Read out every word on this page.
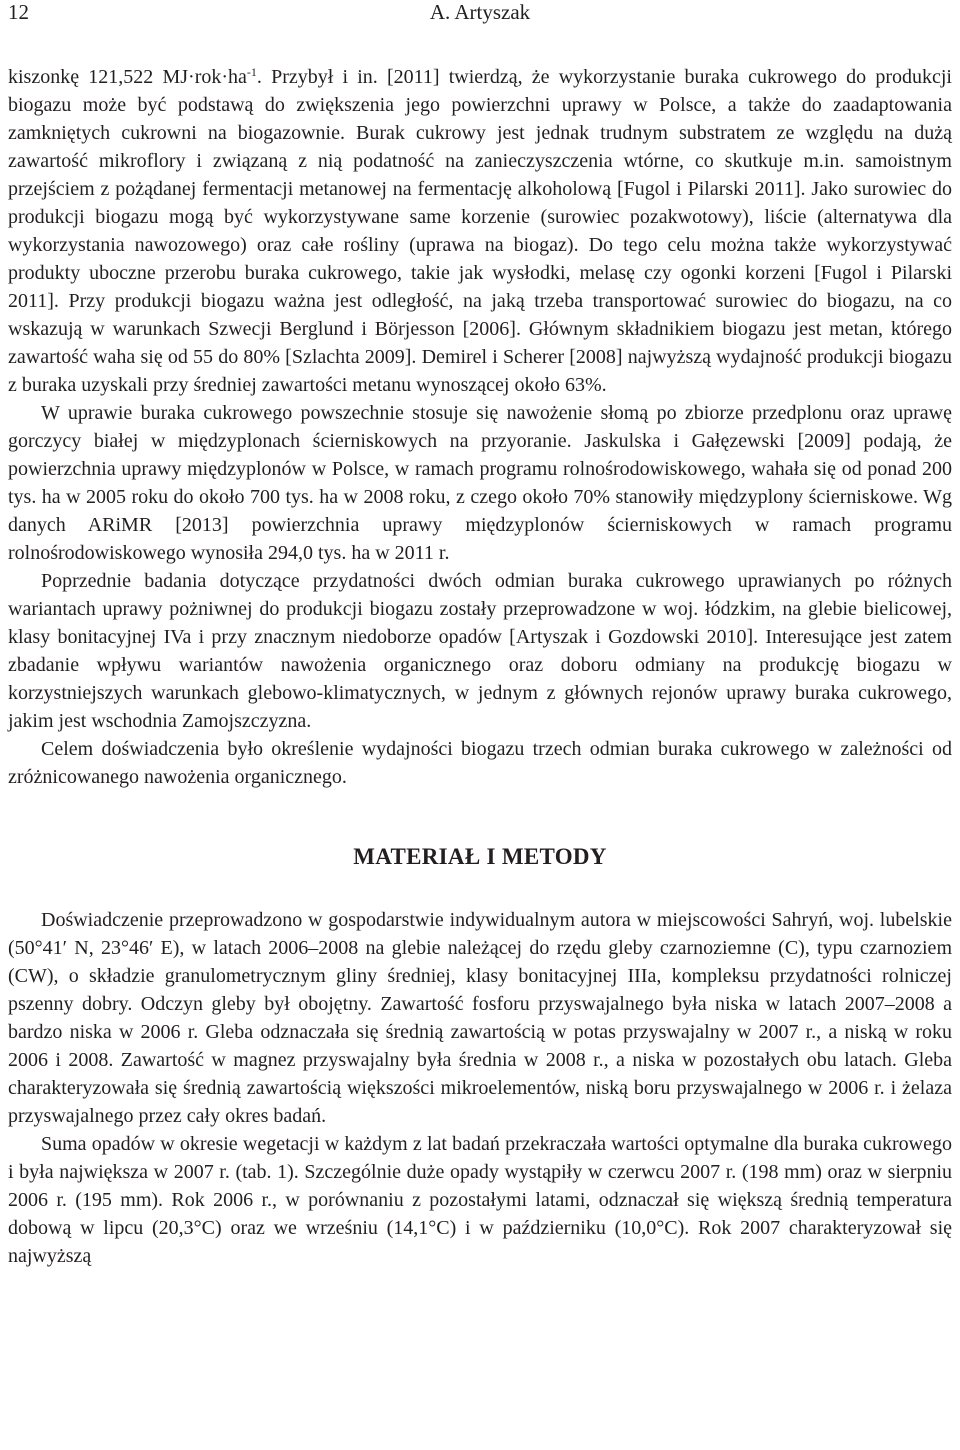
12	A. Artyszak

kiszonkę 121,522 $MJ\cdot rok\cdot ha^{-1}$. Przybył i in. [2011] twierdzą, że wykorzystanie buraka cukrowego do produkcji biogazu może być podstawą do zwiększenia jego powierzchni uprawy w Polsce, a także do zaadaptowania zamkniętych cukrowni na biogazownie. Burak cukrowy jest jednak trudnym substratem ze względu na dużą zawartość mikroflory i związaną z nią podatność na zanieczyszczenia wtórne, co skutkuje m.in. samoistnym przejściem z pożądanej fermentacji metanowej na fermentację alkoholową [Fugol i Pilarski 2011]. Jako surowiec do produkcji biogazu mogą być wykorzystywane same korzenie (surowiec pozakwotowy), liście (alternatywa dla wykorzystania nawozowego) oraz całe rośliny (uprawa na biogaz). Do tego celu można także wykorzystywać produkty uboczne przerobu buraka cukrowego, takie jak wysłodki, melasę czy ogonki korzeni [Fugol i Pilarski 2011]. Przy produkcji biogazu ważna jest odległość, na jaką trzeba transportować surowiec do biogazu, na co wskazują w warunkach Szwecji Berglund i Börjesson [2006]. Głównym składnikiem biogazu jest metan, którego zawartość waha się od 55 do 80% [Szlachta 2009]. Demirel i Scherer [2008] najwyższą wydajność produkcji biogazu z buraka uzyskali przy średniej zawartości metanu wynoszącej około 63%.

W uprawie buraka cukrowego powszechnie stosuje się nawożenie słomą po zbiorze przedplonu oraz uprawę gorczycy białej w międzyplonach ścierniskowych na przyoranie. Jaskulska i Gałęzewski [2009] podają, że powierzchnia uprawy międzyplonów w Polsce, w ramach programu rolnośrodowiskowego, wahała się od ponad 200 tys. ha w 2005 roku do około 700 tys. ha w 2008 roku, z czego około 70% stanowiły międzyplony ścierniskowe. Wg danych ARiMR [2013] powierzchnia uprawy międzyplonów ścierniskowych w ramach programu rolnośrodowiskowego wynosiła 294,0 tys. ha w 2011 r.

Poprzednie badania dotyczące przydatności dwóch odmian buraka cukrowego uprawianych po różnych wariantach uprawy pożniwnej do produkcji biogazu zostały przeprowadzone w woj. łódzkim, na glebie bielicowej, klasy bonitacyjnej IVa i przy znacznym niedoborze opadów [Artyszak i Gozdowski 2010]. Interesujące jest zatem zbadanie wpływu wariantów nawożenia organicznego oraz doboru odmiany na produkcję biogazu w korzystniejszych warunkach glebowo-klimatycznych, w jednym z głównych rejonów uprawy buraka cukrowego, jakim jest wschodnia Zamojszczyzna.

Celem doświadczenia było określenie wydajności biogazu trzech odmian buraka cukrowego w zależności od zróżnicowanego nawożenia organicznego.

MATERIAŁ I METODY

Doświadczenie przeprowadzono w gospodarstwie indywidualnym autora w miejscowości Sahryń, woj. lubelskie (50°41′ N, 23°46′ E), w latach 2006–2008 na glebie należącej do rzędu gleby czarnoziemne (C), typu czarnoziem (CW), o składzie granulometrycznym gliny średniej, klasy bonitacyjnej IIIa, kompleksu przydatności rolniczej pszenny dobry. Odczyn gleby był obojętny. Zawartość fosforu przyswajalnego była niska w latach 2007–2008 a bardzo niska w 2006 r. Gleba odznaczała się średnią zawartością w potas przyswajalny w 2007 r., a niską w roku 2006 i 2008. Zawartość w magnez przyswajalny była średnia w 2008 r., a niska w pozostałych obu latach. Gleba charakteryzowała się średnią zawartością większości mikroelementów, niską boru przyswajalnego w 2006 r. i żelaza przyswajalnego przez cały okres badań.

Suma opadów w okresie wegetacji w każdym z lat badań przekraczała wartości optymalne dla buraka cukrowego i była największa w 2007 r. (tab. 1). Szczególnie duże opady wystąpiły w czerwcu 2007 r. (198 mm) oraz w sierpniu 2006 r. (195 mm). Rok 2006 r., w porównaniu z pozostałymi latami, odznaczał się większą średnią temperatura dobową w lipcu (20,3°C) oraz we wrześniu (14,1°C) i w październiku (10,0°C). Rok 2007 charakteryzował się najwyższą
